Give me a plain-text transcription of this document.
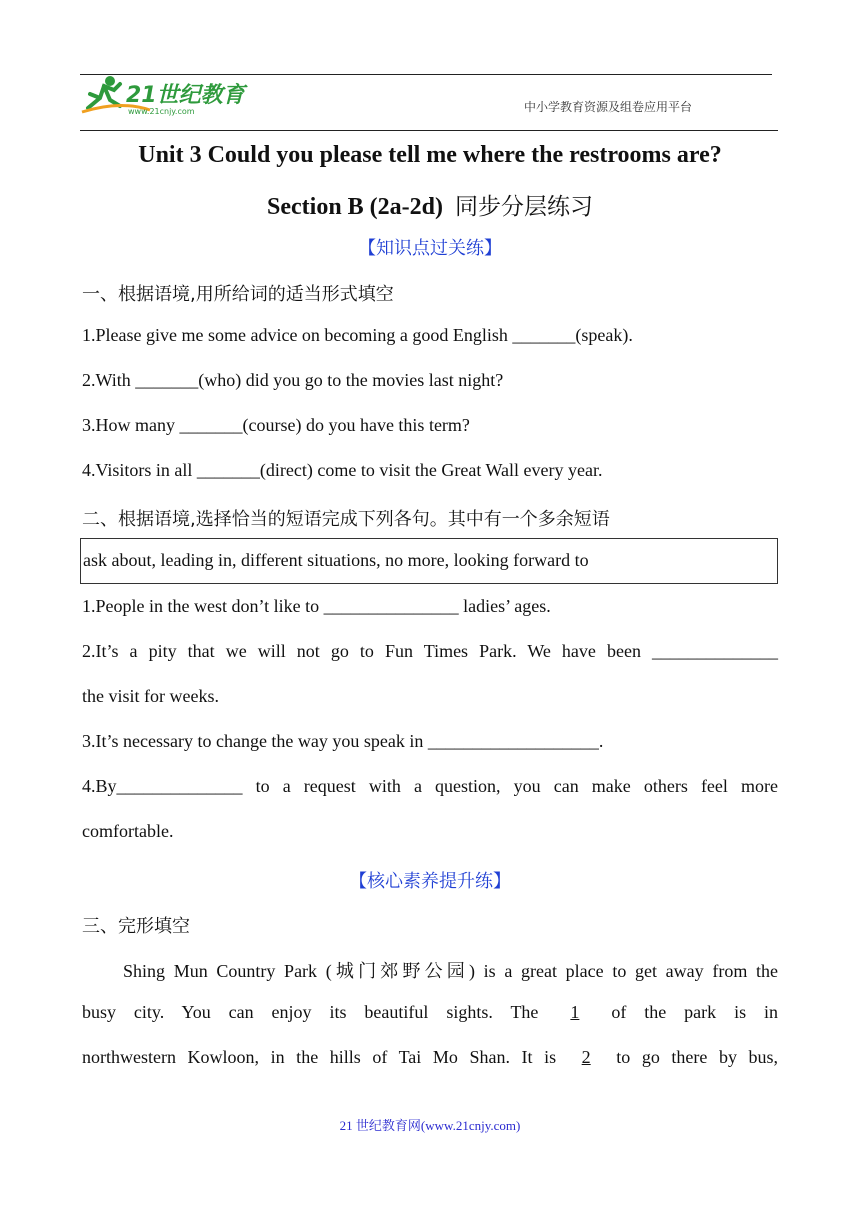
21世纪教育
www.21cnjy.com	中小学教育资源及组卷应用平台
Unit 3 Could you please tell me where the restrooms are?
Section B (2a-2d) 同步分层练习
【知识点过关练】
一、根据语境,用所给词的适当形式填空
1.Please give me some advice on becoming a good English _______(speak).
2.With _______(who) did you go to the movies last night?
3.How many _______(course) do you have this term?
4.Visitors in all _______(direct) come to visit the Great Wall every year.
二、根据语境,选择恰当的短语完成下列各句。其中有一个多余短语
ask about, leading in, different situations, no more, looking forward to
1.People in the west don’t like to _______________ ladies’ ages.
2.It’s a pity that we will not go to Fun Times Park. We have been ______________
the visit for weeks.
3.It’s necessary to change the way you speak in ___________________.
4.By______________ to a request with a question, you can make others feel more
comfortable.
【核心素养提升练】
三、完形填空
Shing Mun Country Park (城门郊野公园) is a great place to get away from the
busy city. You can enjoy its beautiful sights. The 1 of the park is in
northwestern Kowloon, in the hills of Tai Mo Shan. It is 2 to go there by bus,
21 世纪教育网(www.21cnjy.com)
